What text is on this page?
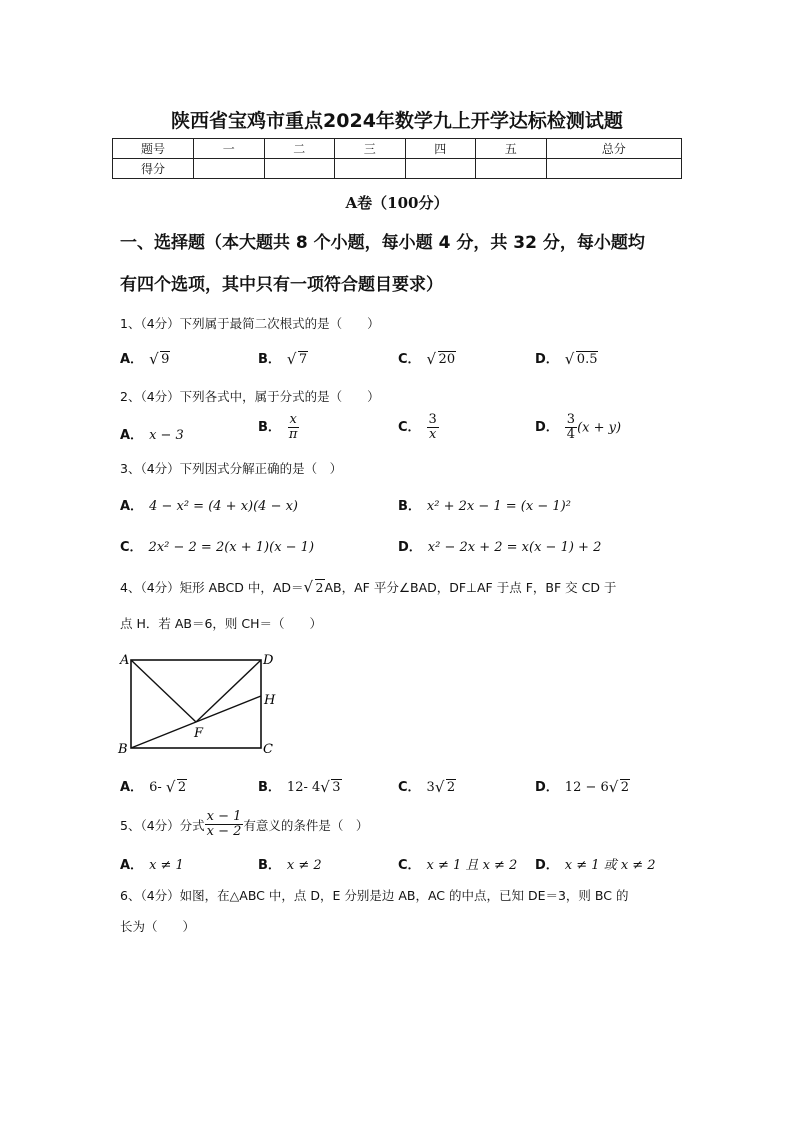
陕西省宝鸡市重点2024年数学九上开学达标检测试题
题号	一	二	三	四	五	总分
得分						
A卷（100分）
一、选择题（本大题共 8 个小题，每小题 4 分，共 32 分，每小题均
有四个选项，其中只有一项符合题目要求）
1、（4分）下列属于最简二次根式的是（　　）
A． √ 9	B． √ 7	C． √ 20	D． √ 0.5
2、（4分）下列各式中，属于分式的是（　　）
A． x − 3
B． $\frac{x}{\pi}$	C． $\frac{3}{x}$	D． $\frac{3}{4} (x + y)$
3、（4分）下列因式分解正确的是（　）
A． 4 − x² = (4 + x)(4 − x)	B． x² + 2x − 1 = (x − 1)²
C． 2x² − 2 = 2(x + 1)(x − 1)	D． x² − 2x + 2 = x(x − 1) + 2
4、（4分）矩形 ABCD 中，AD＝ √ 2AB，AF 平分∠BAD，DF⊥AF 于点 F，BF 交 CD 于
点 H．若 AB＝6，则 CH＝（　　）
A	D
H
F
B	C
A． 6- √ 2	B． 12- 4 √ 3	C． 3 √ 2	D． 12 − 6 √ 2
5、（4分）分式 $\frac{x - 1}{x - 2}$ 有意义的条件是（　）
A． x ≠ 1	B． x ≠ 2	C． x ≠ 1 且 x ≠ 2 D． x ≠ 1 或 x ≠ 2
6、（4分）如图，在△ABC 中，点 D，E 分别是边 AB，AC 的中点，已知 DE＝3，则 BC 的
长为（　　）
